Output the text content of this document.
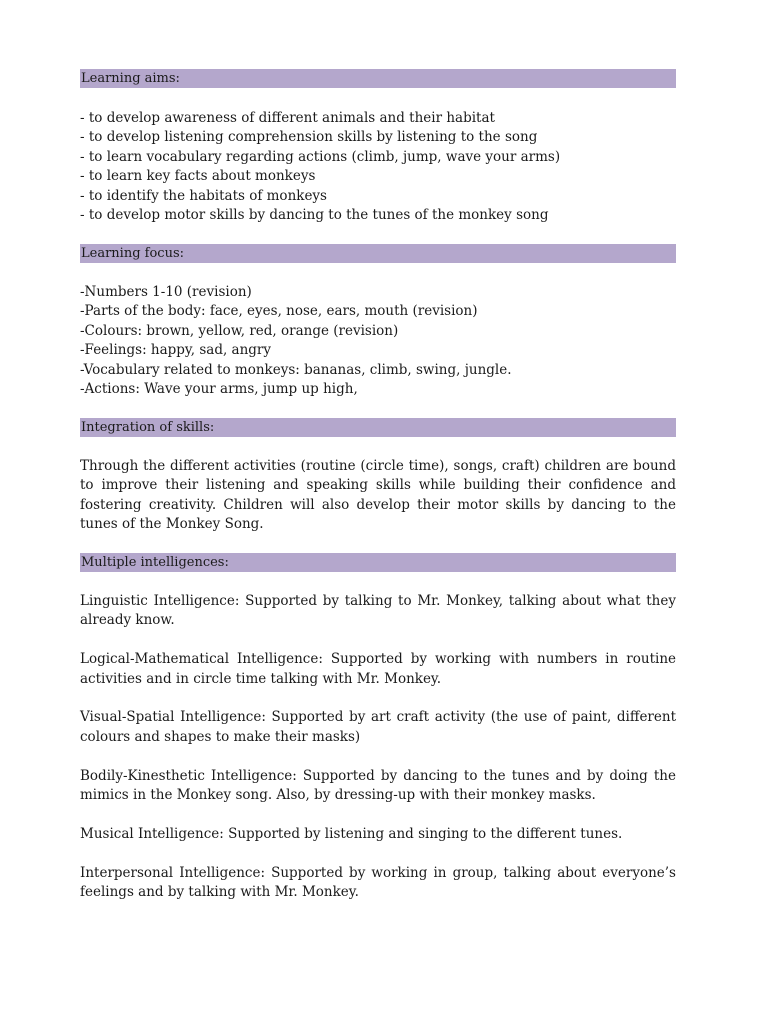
Learning aims:
- to develop awareness of different animals and their habitat
- to develop listening comprehension skills by listening to the song
- to learn vocabulary regarding actions (climb, jump, wave your arms)
- to learn key facts about monkeys
- to identify the habitats of monkeys
- to develop motor skills by dancing to the tunes of the monkey song
Learning focus:
-Numbers 1-10 (revision)
-Parts of the body: face, eyes, nose, ears, mouth (revision)
-Colours: brown, yellow, red, orange (revision)
-Feelings: happy, sad, angry
-Vocabulary related to monkeys: bananas, climb, swing, jungle.
-Actions: Wave your arms, jump up high,
Integration of skills:
Through the different activities (routine (circle time), songs, craft) children are bound to improve their listening and speaking skills while building their confidence and fostering creativity. Children will also develop their motor skills by dancing to the tunes of the Monkey Song.
Multiple intelligences:
Linguistic Intelligence: Supported by talking to Mr. Monkey, talking about what they already know.
Logical-Mathematical Intelligence: Supported by working with numbers in routine activities and in circle time talking with Mr. Monkey.
Visual-Spatial Intelligence: Supported by art craft activity (the use of paint, different colours and shapes to make their masks)
Bodily-Kinesthetic Intelligence: Supported by dancing to the tunes and by doing the mimics in the Monkey song. Also, by dressing-up with their monkey masks.
Musical Intelligence: Supported by listening and singing to the different tunes.
Interpersonal Intelligence: Supported by working in group, talking about everyone’s feelings and by talking with Mr. Monkey.
